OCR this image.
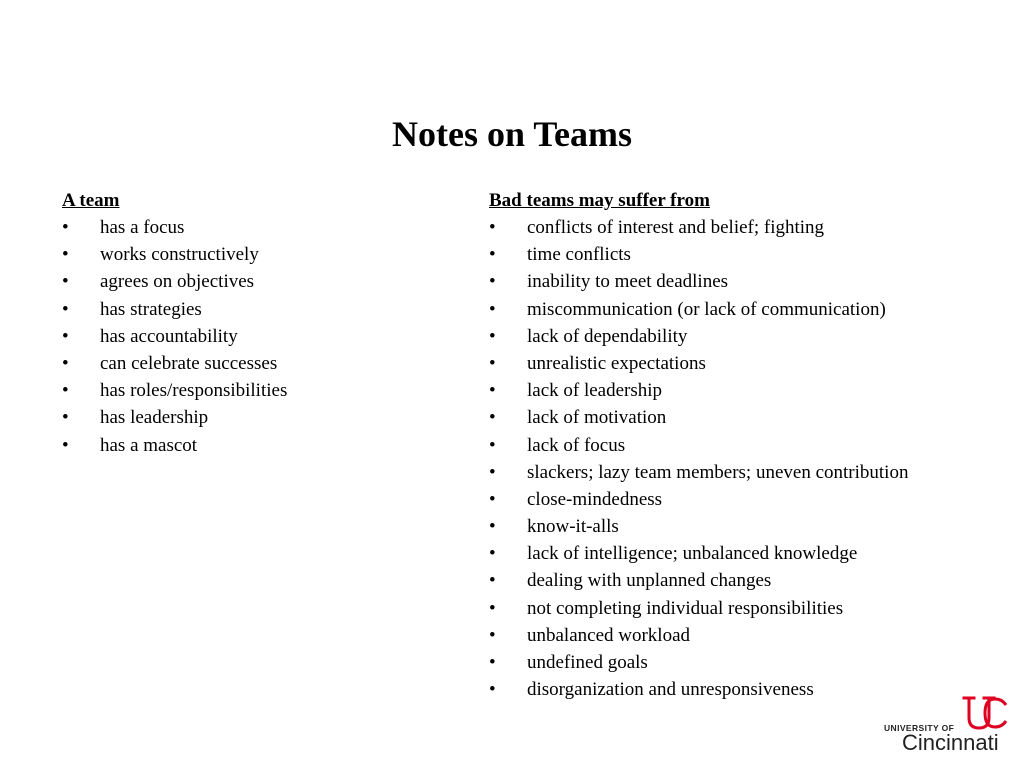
Notes on Teams
A team
• has a focus
• works constructively
• agrees on objectives
• has strategies
• has accountability
• can celebrate successes
• has roles/responsibilities
• has leadership
• has a mascot
Bad teams may suffer from
• conflicts of interest and belief; fighting
• time conflicts
• inability to meet deadlines
• miscommunication (or lack of communication)
• lack of dependability
• unrealistic expectations
• lack of leadership
• lack of motivation
• lack of focus
• slackers; lazy team members; uneven contribution
• close-mindedness
• know-it-alls
• lack of intelligence; unbalanced knowledge
• dealing with unplanned changes
• not completing individual responsibilities
• unbalanced workload
• undefined goals
• disorganization and unresponsiveness
UNIVERSITY OF
Cincinnati
